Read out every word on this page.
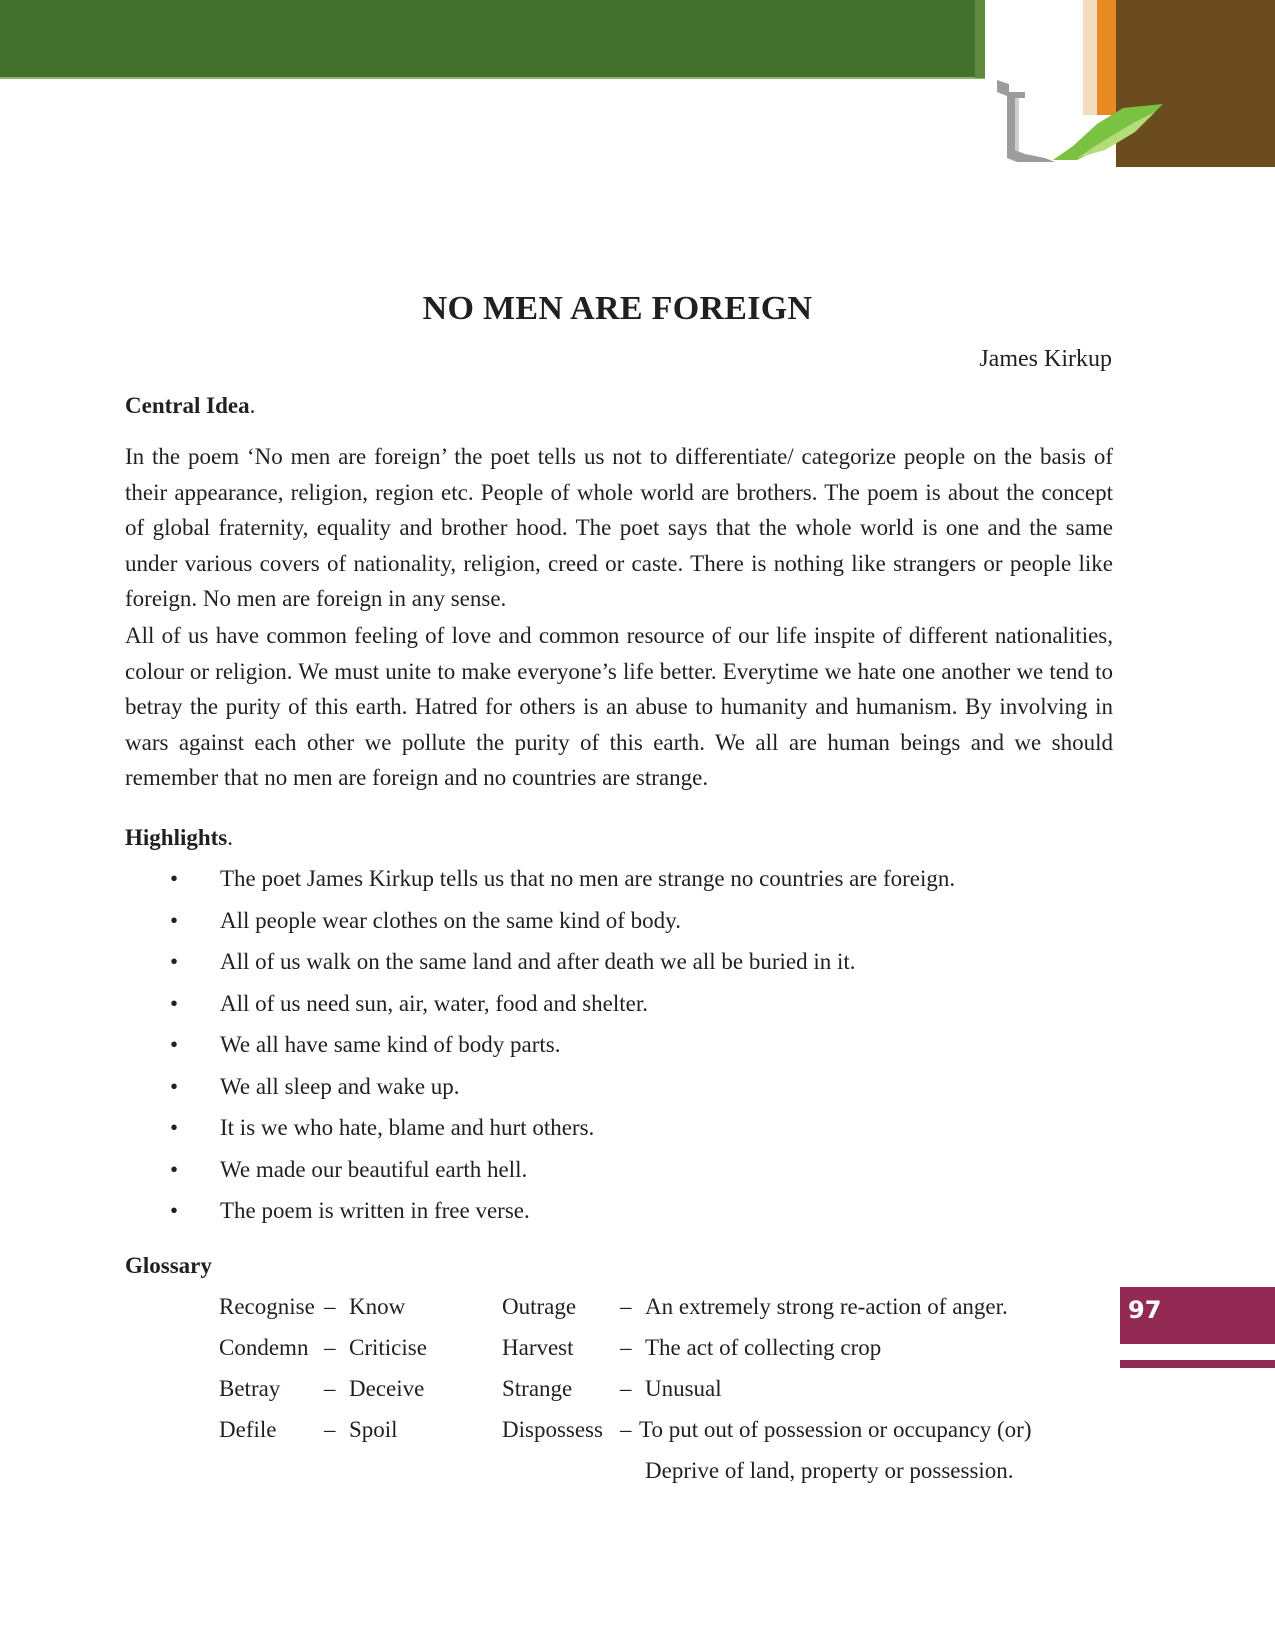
NO MEN ARE FOREIGN
James Kirkup
Central Idea.

In the poem ‘No men are foreign’ the poet tells us not to differentiate/ categorize people on the basis of their appearance, religion, region etc. People of whole world are brothers. The poem is about the concept of global fraternity, equality and brother hood. The poet says that the whole world is one and the same under various covers of nationality, religion, creed or caste. There is nothing like strangers or people like foreign. No men are foreign in any sense.

All of us have common feeling of love and common resource of our life inspite of different nationalities, colour or religion. We must unite to make everyone’s life better. Everytime we hate one another we tend to betray the purity of this earth. Hatred for others is an abuse to humanity and humanism. By involving in wars against each other we pollute the purity of this earth. We all are human beings and we should remember that no men are foreign and no countries are strange.

Highlights.
• The poet James Kirkup tells us that no men are strange no countries are foreign.
• All people wear clothes on the same kind of body.
• All of us walk on the same land and after death we all be buried in it.
• All of us need sun, air, water, food and shelter.
• We all have same kind of body parts.
• We all sleep and wake up.
• It is we who hate, blame and hurt others.
• We made our beautiful earth hell.
• The poem is written in free verse.
Glossary
Recognise – Know
Condemn – Criticise
Betray – Deceive
Defile – Spoil
Outrage – An extremely strong re-action of anger.
Harvest – The act of collecting crop
Strange – Unusual
Dispossess – To put out of possession or occupancy (or)
Deprive of land, property or possession.
97
